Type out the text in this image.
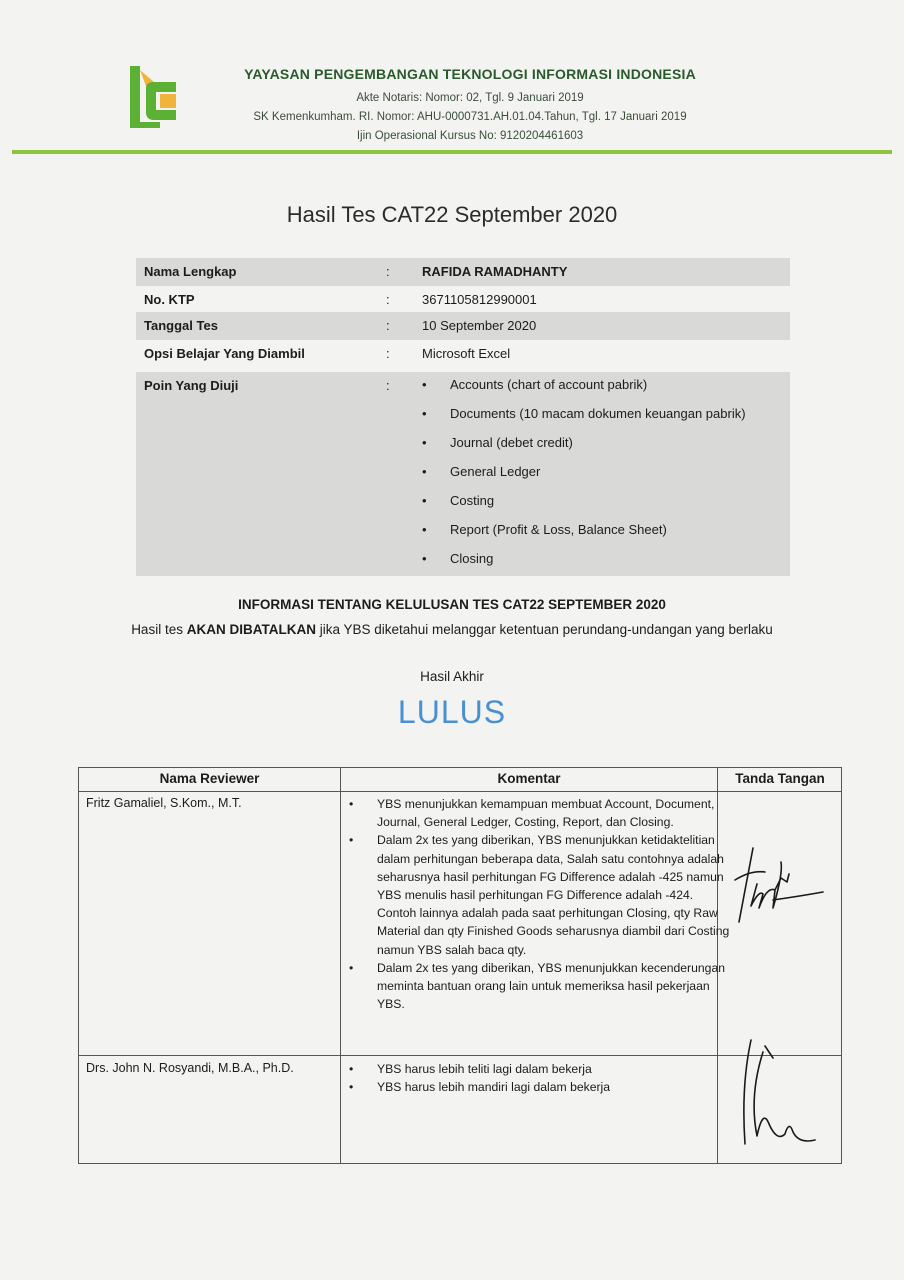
YAYASAN PENGEMBANGAN TEKNOLOGI INFORMASI INDONESIA
Akte Notaris: Nomor: 02, Tgl. 9 Januari 2019
SK Kemenkumham. RI. Nomor: AHU-0000731.AH.01.04.Tahun, Tgl. 17 Januari 2019
Ijin Operasional Kursus No: 9120204461603
Hasil Tes CAT22 September 2020
Nama Lengkap	: RAFIDA RAMADHANTY
No. KTP	: 3671105812990001
Tanggal Tes	: 10 September 2020
Opsi Belajar Yang Diambil	: Microsoft Excel
Poin Yang Diuji	: • Accounts (chart of account pabrik)
• Documents (10 macam dokumen keuangan pabrik)
• Journal (debet credit)
• General Ledger
• Costing
• Report (Profit & Loss, Balance Sheet)
• Closing
INFORMASI TENTANG KELULUSAN TES CAT22 SEPTEMBER 2020
Hasil tes AKAN DIBATALKAN jika YBS diketahui melanggar ketentuan perundang-undangan yang berlaku
Hasil Akhir
LULUS
Nama Reviewer	Komentar	Tanda Tangan
Fritz Gamaliel, S.Kom., M.T.	• YBS menunjukkan kemampuan membuat Account, Document, Journal, General Ledger, Costing, Report, dan Closing.
• Dalam 2x tes yang diberikan, YBS menunjukkan ketidaktelitian dalam perhitungan beberapa data, Salah satu contohnya adalah seharusnya hasil perhitungan FG Difference adalah -425 namun YBS menulis hasil perhitungan FG Difference adalah -424. Contoh lainnya adalah pada saat perhitungan Closing, qty Raw Material dan qty Finished Goods seharusnya diambil dari Costing namun YBS salah baca qty.
• Dalam 2x tes yang diberikan, YBS menunjukkan kecenderungan meminta bantuan orang lain untuk memeriksa hasil pekerjaan YBS.
Drs. John N. Rosyandi, M.B.A., Ph.D.	• YBS harus lebih teliti lagi dalam bekerja
• YBS harus lebih mandiri lagi dalam bekerja
